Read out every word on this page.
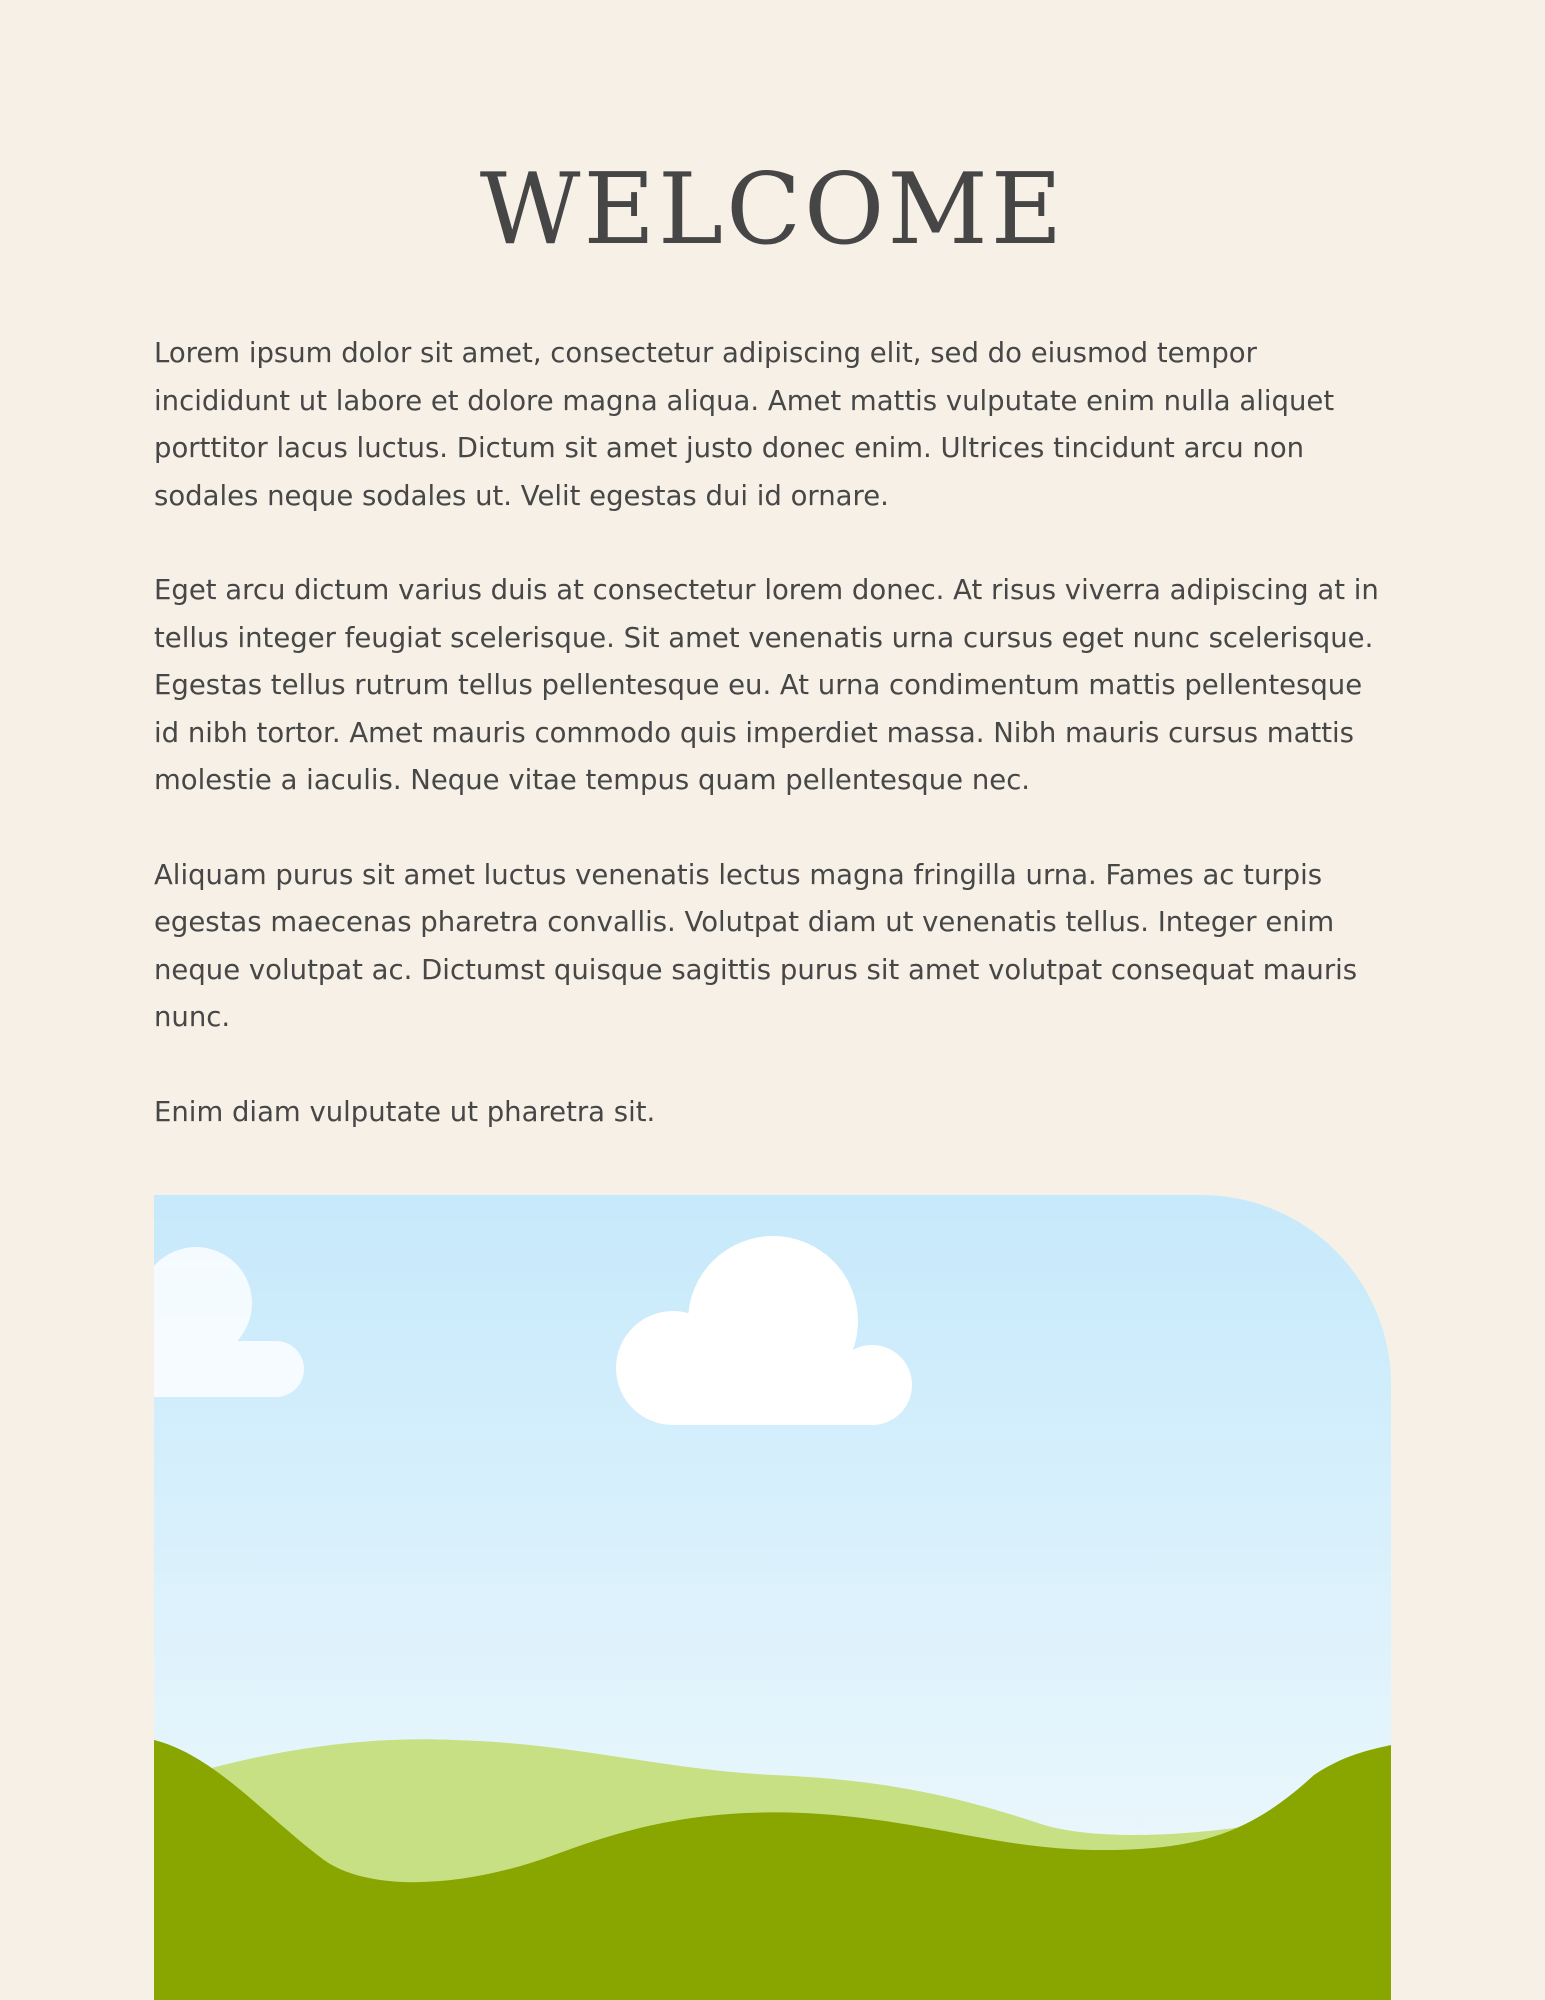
WELCOME

Lorem ipsum dolor sit amet, consectetur adipiscing elit, sed do eiusmod tempor incididunt ut labore et dolore magna aliqua. Amet mattis vulputate enim nulla aliquet porttitor lacus luctus. Dictum sit amet justo donec enim. Ultrices tincidunt arcu non sodales neque sodales ut. Velit egestas dui id ornare.

Eget arcu dictum varius duis at consectetur lorem donec. At risus viverra adipiscing at in tellus integer feugiat scelerisque. Sit amet venenatis urna cursus eget nunc scelerisque. Egestas tellus rutrum tellus pellentesque eu. At urna condimentum mattis pellentesque id nibh tortor. Amet mauris commodo quis imperdiet massa. Nibh mauris cursus mattis molestie a iaculis. Neque vitae tempus quam pellentesque nec.

Aliquam purus sit amet luctus venenatis lectus magna fringilla urna. Fames ac turpis egestas maecenas pharetra convallis. Volutpat diam ut venenatis tellus. Integer enim neque volutpat ac. Dictumst quisque sagittis purus sit amet volutpat consequat mauris nunc.

Enim diam vulputate ut pharetra sit.
